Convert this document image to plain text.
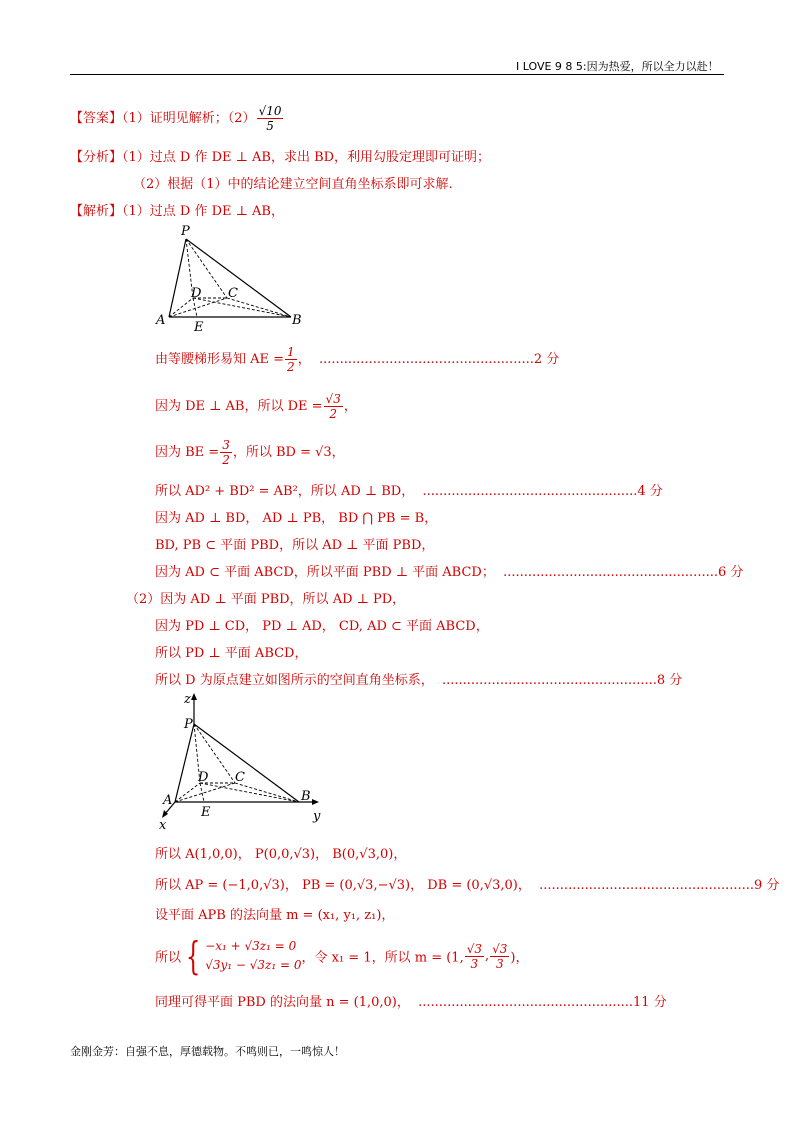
I LOVE 9 8 5:因为热爱，所以全力以赴！
【答案】（1）证明见解析；$(2) \frac{√10}{5}$
【分析】（1）过点 D 作 DE ⊥ AB，求出 BD，利用勾股定理即可证明；
（2）根据（1）中的结论建立空间直角坐标系即可求解.
【解析】（1）过点 D 作 DE ⊥ AB，
P
D C
A E	B
由等腰梯形易知 AE = $\frac{1}{2}$ ， ....................................................2 分
因为 DE ⊥ AB，所以 DE = $\frac{√3}{2}$ ，
因为 BE = $\frac{3}{2}$ ，所以 BD = √3，
所以 AD² + BD² = AB²，所以 AD ⊥ BD， ....................................................4 分
因为 AD ⊥ BD， AD ⊥ PB， BD ⋂ PB = B，
BD, PB ⊂ 平面 PBD，所以 AD ⊥ 平面 PBD，
因为 AD ⊂ 平面 ABCD，所以平面 PBD ⊥ 平面 ABCD； ....................................................6 分
（2）因为 AD ⊥ 平面 PBD，所以 AD ⊥ PD，
因为 PD ⊥ CD， PD ⊥ AD， CD, AD ⊂ 平面 ABCD，
所以 PD ⊥ 平面 ABCD，
所以 D 为原点建立如图所示的空间直角坐标系， ....................................................8 分
z
P
D C
A
E
B
x
y
所以 A(1,0,0)， P(0,0,√3)， B(0,√3,0)，
所以 AP = (−1,0,√3)， PB = (0,√3,−√3)， DB = (0,√3,0)， ....................................................9 分
设平面 APB 的法向量 m = (x₁, y₁, z₁)，
所以 { −x₁ + √3z₁ = 0
√3y₁ − √3z₁ = 0 ，令 x₁ = 1，所以 m = (1, $\frac{√3}{3}$ , $\frac{√3}{3}$ )，
同理可得平面 PBD 的法向量 n = (1,0,0)， ....................................................11 分
金刚金芳：自强不息，厚德载物。不鸣则已，一鸣惊人！
